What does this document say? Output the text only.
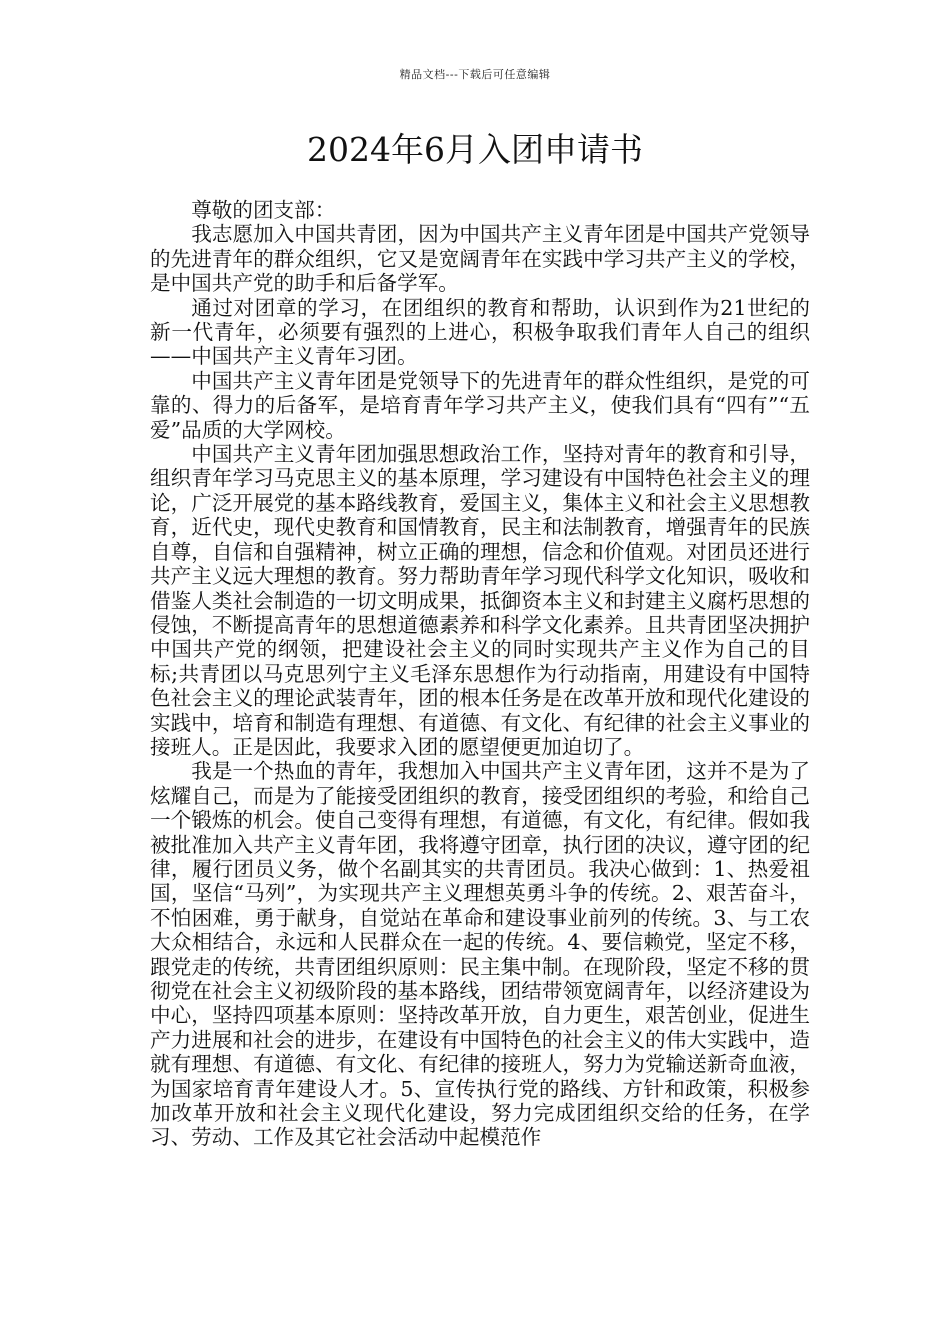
精品文档---下载后可任意编辑
2024年6月入团申请书

尊敬的团支部：

我志愿加入中国共青团，因为中国共产主义青年团是中国共产党领导的先进青年的群众组织，它又是宽阔青年在实践中学习共产主义的学校，是中国共产党的助手和后备学军。

通过对团章的学习，在团组织的教育和帮助，认识到作为21世纪的新一代青年，必须要有强烈的上进心，积极争取我们青年人自己的组织——中国共产主义青年习团。

中国共产主义青年团是党领导下的先进青年的群众性组织，是党的可靠的、得力的后备军，是培育青年学习共产主义，使我们具有“四有”“五爱”品质的大学网校。

中国共产主义青年团加强思想政治工作，坚持对青年的教育和引导，组织青年学习马克思主义的基本原理，学习建设有中国特色社会主义的理论，广泛开展党的基本路线教育，爱国主义，集体主义和社会主义思想教育，近代史，现代史教育和国情教育，民主和法制教育，增强青年的民族自尊，自信和自强精神，树立正确的理想，信念和价值观。对团员还进行共产主义远大理想的教育。努力帮助青年学习现代科学文化知识，吸收和借鉴人类社会制造的一切文明成果，抵御资本主义和封建主义腐朽思想的侵蚀，不断提高青年的思想道德素养和科学文化素养。且共青团坚决拥护中国共产党的纲领，把建设社会主义的同时实现共产主义作为自己的目标;共青团以马克思列宁主义毛泽东思想作为行动指南，用建设有中国特色社会主义的理论武装青年，团的根本任务是在改革开放和现代化建设的实践中，培育和制造有理想、有道德、有文化、有纪律的社会主义事业的接班人。正是因此，我要求入团的愿望便更加迫切了。

我是一个热血的青年，我想加入中国共产主义青年团，这并不是为了炫耀自己，而是为了能接受团组织的教育，接受团组织的考验，和给自己一个锻炼的机会。使自己变得有理想，有道德，有文化，有纪律。假如我被批准加入共产主义青年团，我将遵守团章，执行团的决议，遵守团的纪律，履行团员义务，做个名副其实的共青团员。我决心做到：1、热爱祖国，坚信“马列”，为实现共产主义理想英勇斗争的传统。2、艰苦奋斗，不怕困难，勇于献身，自觉站在革命和建设事业前列的传统。3、与工农大众相结合，永远和人民群众在一起的传统。4、要信赖党，坚定不移，跟党走的传统，共青团组织原则：民主集中制。在现阶段，坚定不移的贯彻党在社会主义初级阶段的基本路线，团结带领宽阔青年，以经济建设为中心，坚持四项基本原则：坚持改革开放，自力更生，艰苦创业，促进生产力进展和社会的进步，在建设有中国特色的社会主义的伟大实践中，造就有理想、有道德、有文化、有纪律的接班人，努力为党输送新奇血液，为国家培育青年建设人才。5、宣传执行党的路线、方针和政策，积极参加改革开放和社会主义现代化建设，努力完成团组织交给的任务，在学习、劳动、工作及其它社会活动中起模范作
